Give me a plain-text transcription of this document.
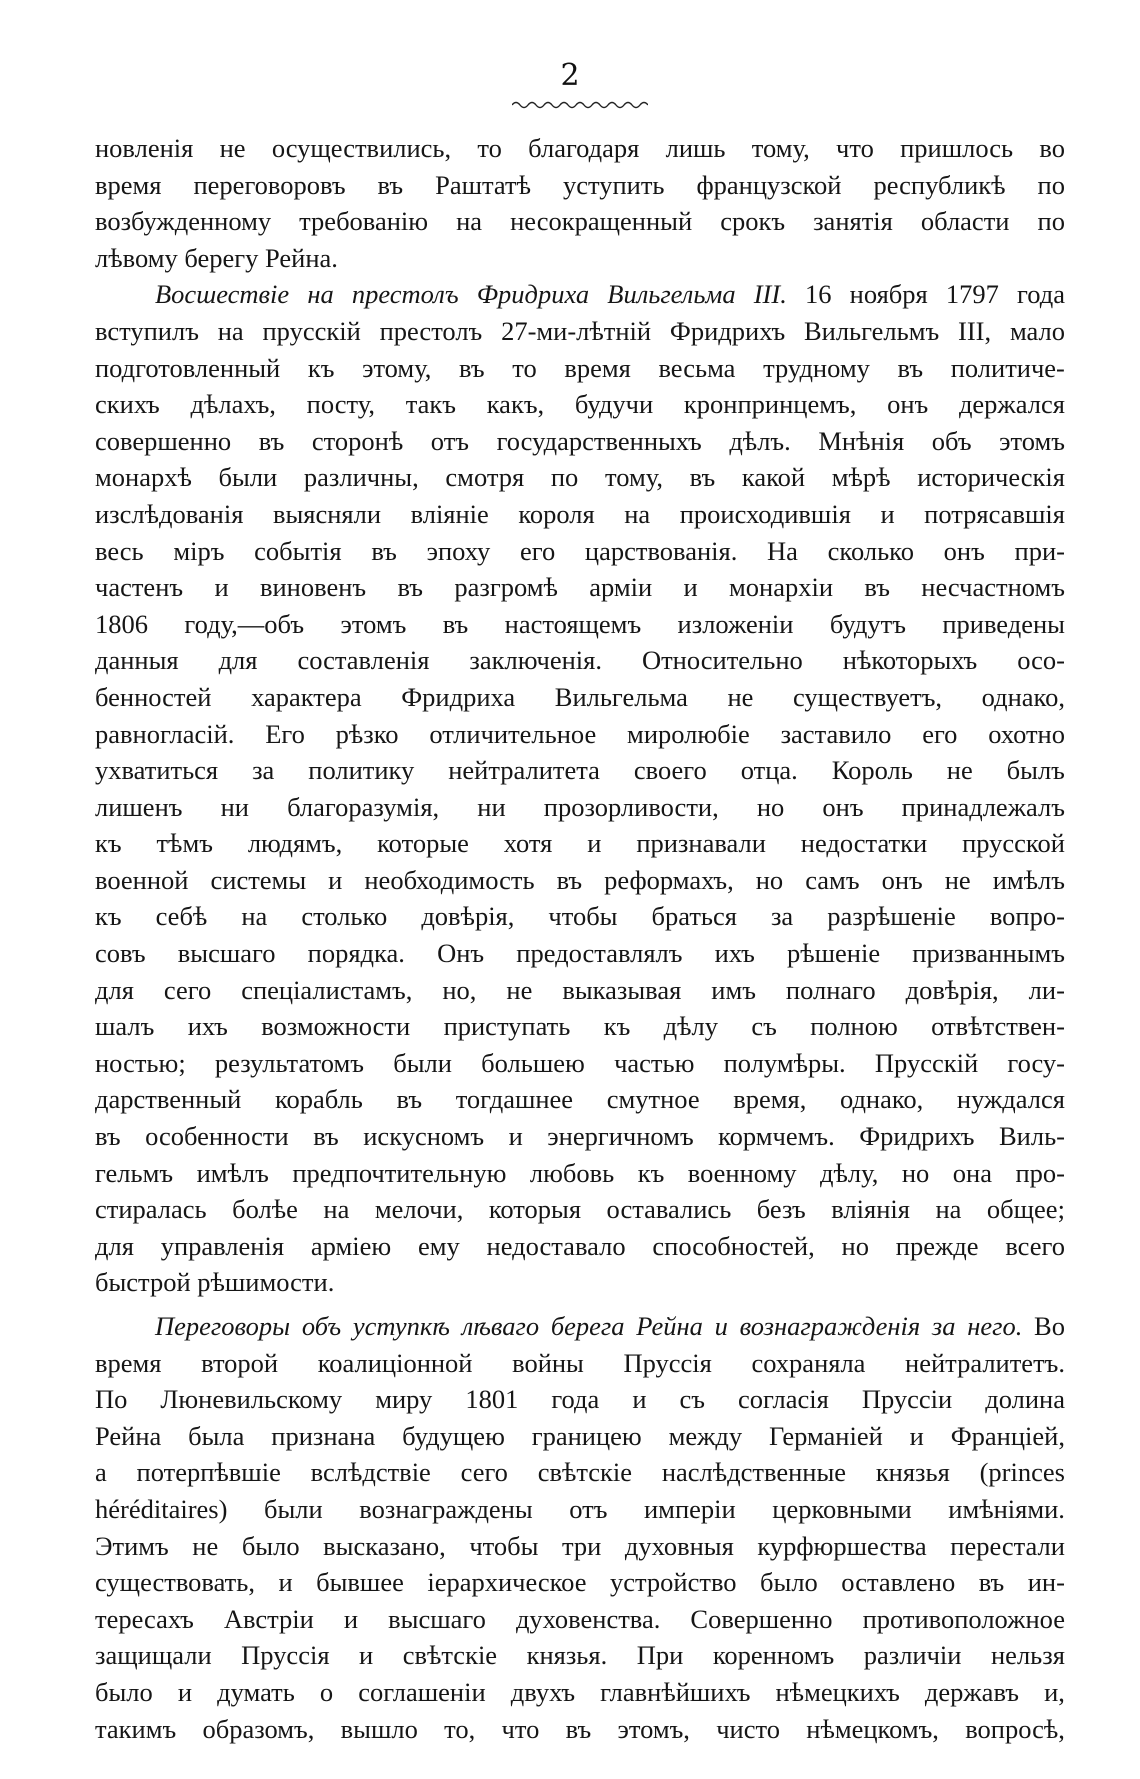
2
новленія не осуществились, то благодаря лишь тому, что пришлось во
время переговоровъ въ Раштатѣ уступить французской республикѣ по
возбужденному требованію на несокращенный срокъ занятія области по
лѣвому берегу Рейна.
Восшествіе на престолъ Фридриха Вильгельма III. 16 ноября 1797 года
вступилъ на прусскій престолъ 27-ми-лѣтній Фридрихъ Вильгельмъ III, мало
подготовленный къ этому, въ то время весьма трудному въ политиче-
скихъ дѣлахъ, посту, такъ какъ, будучи кронпринцемъ, онъ держался
совершенно въ сторонѣ отъ государственныхъ дѣлъ. Мнѣнія объ этомъ
монархѣ были различны, смотря по тому, въ какой мѣрѣ историческія
изслѣдованія выясняли вліяніе короля на происходившія и потрясавшія
весь міръ событія въ эпоху его царствованія. На сколько онъ при-
частенъ и виновенъ въ разгромѣ арміи и монархіи въ несчастномъ
1806 году,—объ этомъ въ настоящемъ изложеніи будутъ приведены
данныя для составленія заключенія. Относительно нѣкоторыхъ осо-
бенностей характера Фридриха Вильгельма не существуетъ, однако,
равногласій. Его рѣзко отличительное миролюбіе заставило его охотно
ухватиться за политику нейтралитета своего отца. Король не былъ
лишенъ ни благоразумія, ни прозорливости, но онъ принадлежалъ
къ тѣмъ людямъ, которые хотя и признавали недостатки прусской
военной системы и необходимость въ реформахъ, но самъ онъ не имѣлъ
къ себѣ на столько довѣрія, чтобы браться за разрѣшеніе вопро-
совъ высшаго порядка. Онъ предоставлялъ ихъ рѣшеніе призваннымъ
для сего спеціалистамъ, но, не выказывая имъ полнаго довѣрія, ли-
шалъ ихъ возможности приступать къ дѣлу съ полною отвѣтствен-
ностью; результатомъ были большею частью полумѣры. Прусскій госу-
дарственный корабль въ тогдашнее смутное время, однако, нуждался
въ особенности въ искусномъ и энергичномъ кормчемъ. Фридрихъ Виль-
гельмъ имѣлъ предпочтительную любовь къ военному дѣлу, но она про-
стиралась болѣе на мелочи, которыя оставались безъ вліянія на общее;
для управленія арміею ему недоставало способностей, но прежде всего
быстрой рѣшимости.
Переговоры объ уступкѣ лѣваго берега Рейна и вознагражденія за него. Во
время второй коалиціонной войны Пруссія сохраняла нейтралитетъ.
По Люневильскому миру 1801 года и съ согласія Пруссіи долина
Рейна была признана будущею границею между Германіей и Франціей,
а потерпѣвшіе вслѣдствіе сего свѣтскіе наслѣдственные князья (princes
héréditaires) были вознаграждены отъ имперіи церковными имѣніями.
Этимъ не было высказано, чтобы три духовныя курфюршества перестали
существовать, и бывшее іерархическое устройство было оставлено въ ин-
тересахъ Австріи и высшаго духовенства. Совершенно противоположное
защищали Пруссія и свѣтскіе князья. При коренномъ различіи нельзя
было и думать о соглашеніи двухъ главнѣйшихъ нѣмецкихъ державъ и,
такимъ образомъ, вышло то, что въ этомъ, чисто нѣмецкомъ, вопросѣ,
